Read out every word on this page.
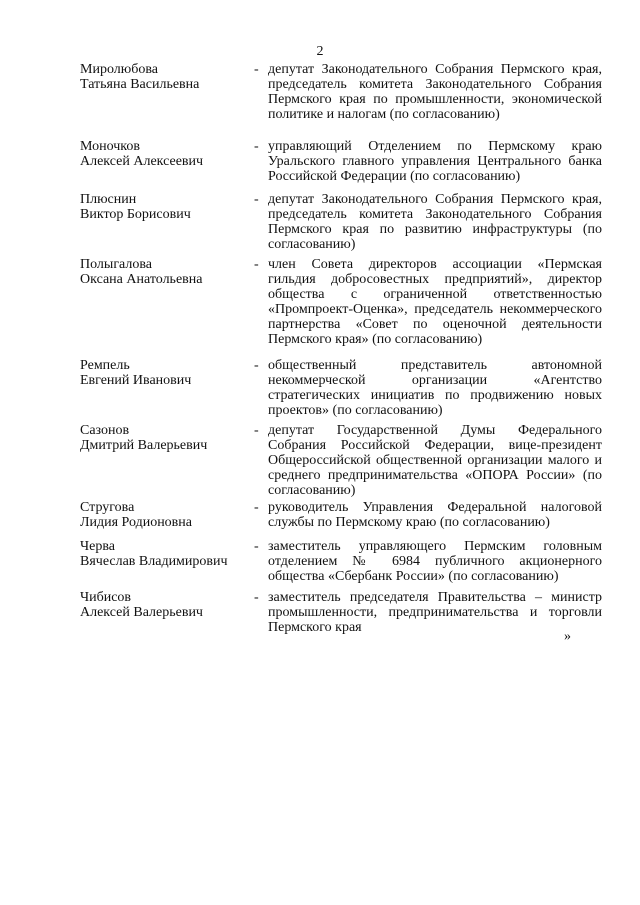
2
Миролюбова
Татьяна Васильевна
- депутат Законодательного Собрания Пермского края, председатель комитета Законодательного Собрания Пермского края по промышленности, экономической политике и налогам (по согласованию)
Моночков
Алексей Алексеевич
- управляющий Отделением по Пермскому краю Уральского главного управления Центрального банка Российской Федерации (по согласованию)
Плюснин
Виктор Борисович
- депутат Законодательного Собрания Пермского края, председатель комитета Законодательного Собрания Пермского края по развитию инфраструктуры (по согласованию)
Полыгалова
Оксана Анатольевна
- член Совета директоров ассоциации «Пермская гильдия добросовестных предприятий», директор общества с ограниченной ответственностью «Промпроект-Оценка», председатель некоммерческого партнерства «Совет по оценочной деятельности Пермского края» (по согласованию)
Ремпель
Евгений Иванович
- общественный представитель автономной некоммерческой организации «Агентство стратегических инициатив по продвижению новых проектов» (по согласованию)
Сазонов
Дмитрий Валерьевич
- депутат Государственной Думы Федерального Собрания Российской Федерации, вице-президент Общероссийской общественной организации малого и среднего предпринимательства «ОПОРА России» (по согласованию)
Стругова
Лидия Родионовна
- руководитель Управления Федеральной налоговой службы по Пермскому краю (по согласованию)
Черва
Вячеслав Владимирович
- заместитель управляющего Пермским головным отделением № 6984 публичного акционерного общества «Сбербанк России» (по согласованию)
Чибисов
Алексей Валерьевич
- заместитель председателя Правительства – министр промышленности, предпринимательства и торговли Пермского края
»
